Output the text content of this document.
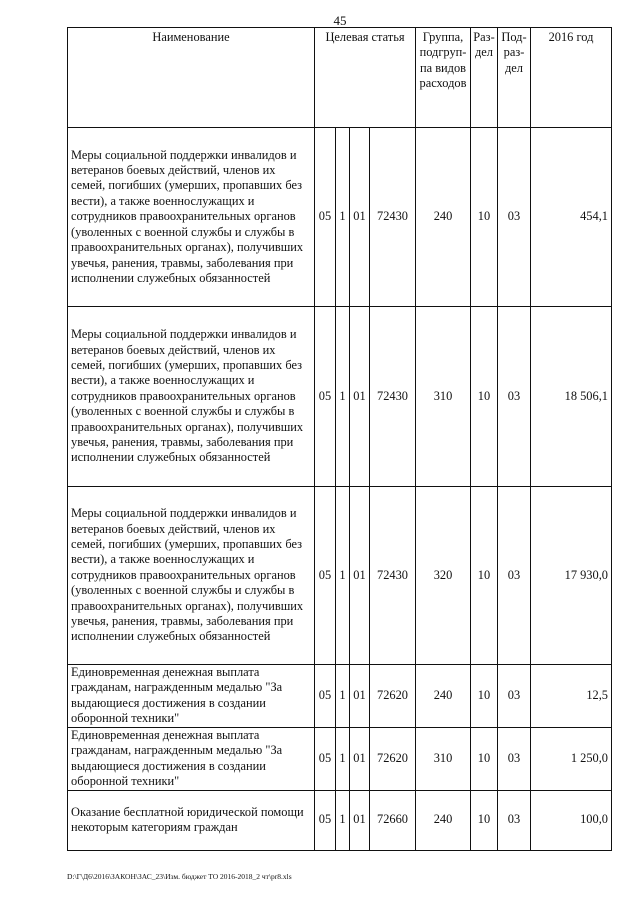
45
Наименование	Целевая статья				Группа, подгруп-па видов расходов	Раз-дел	Под-раз-дел	2016 год
Меры социальной поддержки инвалидов и ветеранов боевых действий, членов их семей, погибших (умерших, пропавших без вести), а также военнослужащих и сотрудников правоохранительных органов (уволенных с военной службы и службы в правоохранительных органах), получивших увечья, ранения, травмы, заболевания при исполнении служебных обязанностей	05	1	01	72430	240	10	03	454,1
Меры социальной поддержки инвалидов и ветеранов боевых действий, членов их семей, погибших (умерших, пропавших без вести), а также военнослужащих и сотрудников правоохранительных органов (уволенных с военной службы и службы в правоохранительных органах), получивших увечья, ранения, травмы, заболевания при исполнении служебных обязанностей	05	1	01	72430	310	10	03	18 506,1
Меры социальной поддержки инвалидов и ветеранов боевых действий, членов их семей, погибших (умерших, пропавших без вести), а также военнослужащих и сотрудников правоохранительных органов (уволенных с военной службы и службы в правоохранительных органах), получивших увечья, ранения, травмы, заболевания при исполнении служебных обязанностей	05	1	01	72430	320	10	03	17 930,0
Единовременная денежная выплата гражданам, награжденным медалью "За выдающиеся достижения в создании оборонной техники"	05	1	01	72620	240	10	03	12,5
Единовременная денежная выплата гражданам, награжденным медалью "За выдающиеся достижения в создании оборонной техники"	05	1	01	72620	310	10	03	1 250,0
Оказание бесплатной юридической помощи некоторым категориям граждан	05	1	01	72660	240	10	03	100,0
D:\Г\Д6\2016\ЗАКОН\ЗАС_23\Изм. бюджет ТО 2016-2018_2 чт\pr8.xls
